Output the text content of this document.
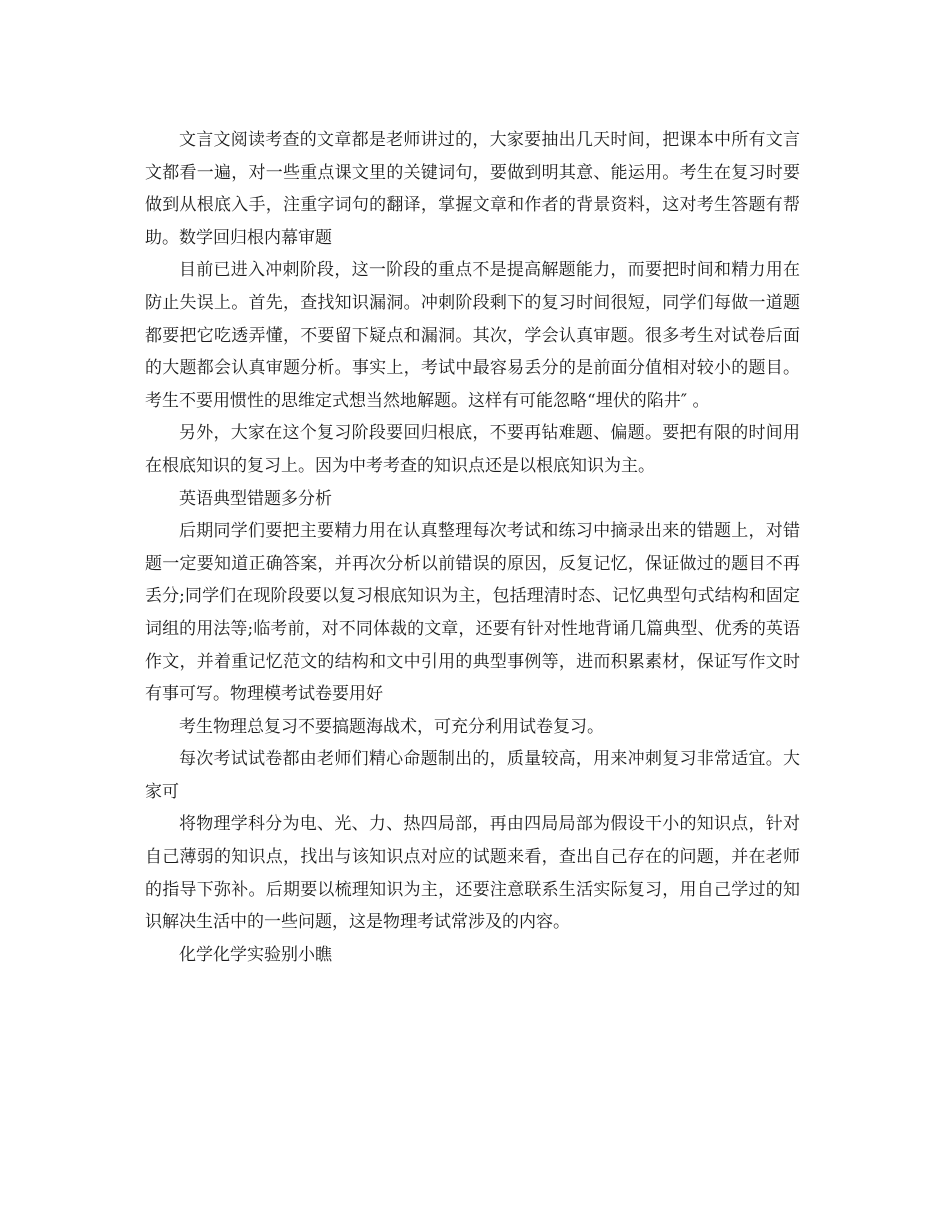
文言文阅读考查的文章都是老师讲过的，大家要抽出几天时间，把课本中所有文言文都看一遍，对一些重点课文里的关键词句，要做到明其意、能运用。考生在复习时要做到从根底入手，注重字词句的翻译，掌握文章和作者的背景资料，这对考生答题有帮助。数学回归根内幕审题

目前已进入冲刺阶段，这一阶段的重点不是提高解题能力，而要把时间和精力用在防止失误上。首先，查找知识漏洞。冲刺阶段剩下的复习时间很短，同学们每做一道题都要把它吃透弄懂，不要留下疑点和漏洞。其次，学会认真审题。很多考生对试卷后面的大题都会认真审题分析。事实上，考试中最容易丢分的是前面分值相对较小的题目。考生不要用惯性的思维定式想当然地解题。这样有可能忽略“埋伏的陷井″ 。

另外，大家在这个复习阶段要回归根底，不要再钻难题、偏题。要把有限的时间用在根底知识的复习上。因为中考考查的知识点还是以根底知识为主。

英语典型错题多分析

后期同学们要把主要精力用在认真整理每次考试和练习中摘录出来的错题上，对错题一定要知道正确答案，并再次分析以前错误的原因，反复记忆，保证做过的题目不再丢分;同学们在现阶段要以复习根底知识为主，包括理清时态、记忆典型句式结构和固定词组的用法等;临考前，对不同体裁的文章，还要有针对性地背诵几篇典型、优秀的英语作文，并着重记忆范文的结构和文中引用的典型事例等，进而积累素材，保证写作文时有事可写。物理模考试卷要用好

考生物理总复习不要搞题海战术，可充分利用试卷复习。

每次考试试卷都由老师们精心命题制出的，质量较高，用来冲刺复习非常适宜。大家可

将物理学科分为电、光、力、热四局部，再由四局局部为假设干小的知识点，针对自己薄弱的知识点，找出与该知识点对应的试题来看，查出自己存在的问题，并在老师的指导下弥补。后期要以梳理知识为主，还要注意联系生活实际复习，用自己学过的知识解决生活中的一些问题，这是物理考试常涉及的内容。

化学化学实验别小瞧
